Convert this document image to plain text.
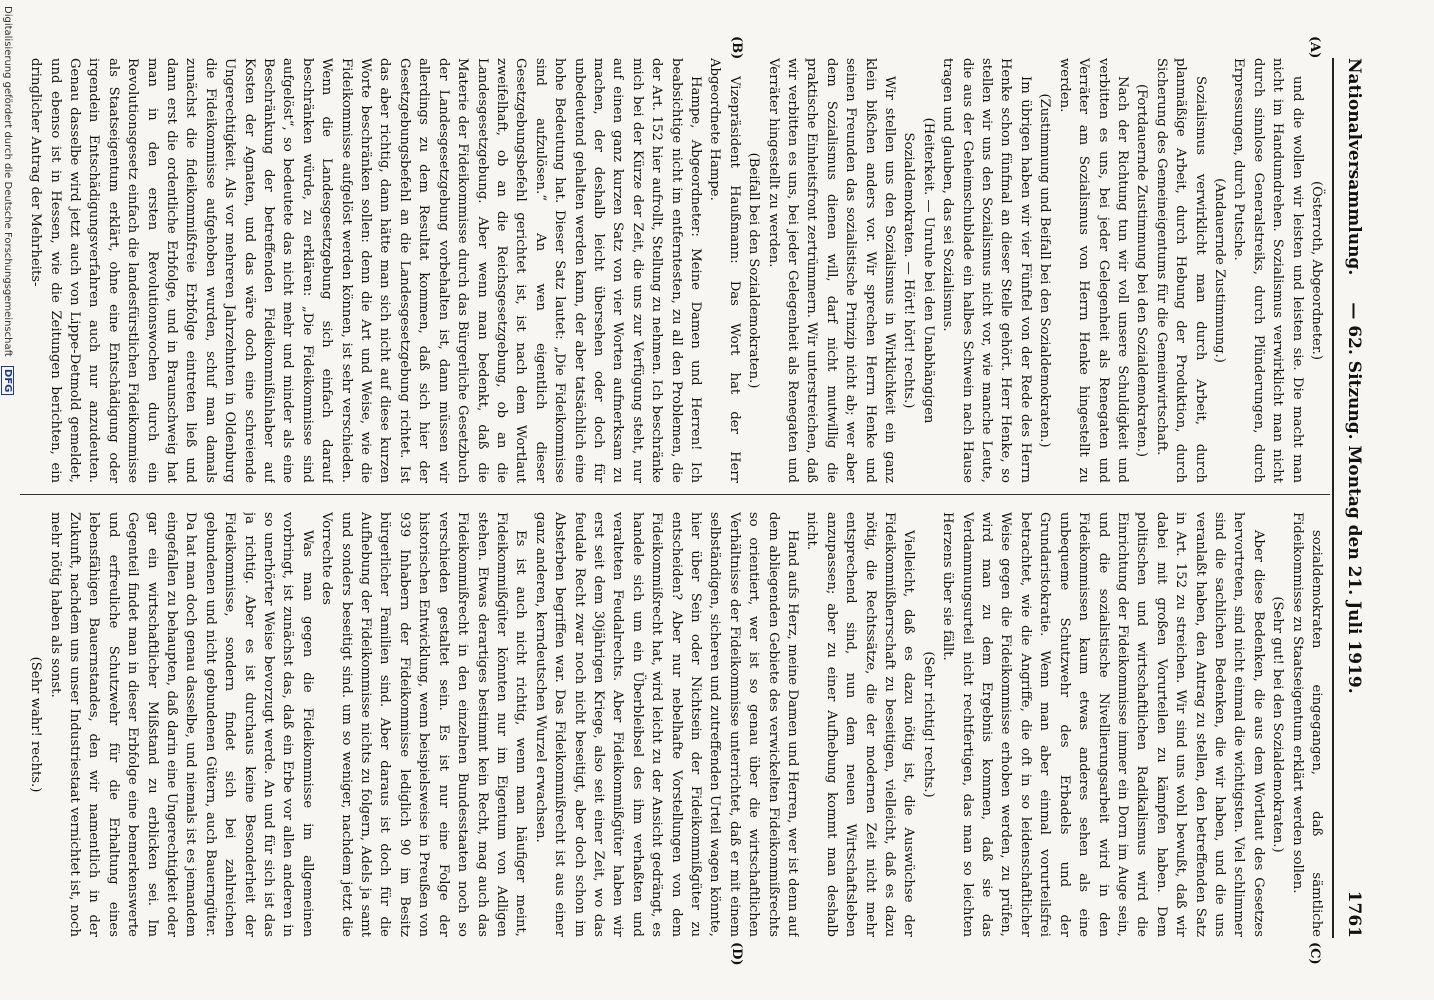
Nationalversammlung.
— 62. Sitzung. Montag den 21. Juli 1919.
1761
(A)
(B)
(C)
(D)

(Österroth, Abgeordneter.)

und die wollen wir leisten und leisten sie. Die macht man nicht im Handumdrehen. Sozialismus verwirklicht man nicht durch sinnlose Generalstreiks, durch Plünderungen, durch Erpressungen, durch Putsche.

(Andauernde Zustimmung.)

Sozialismus verwirklicht man durch Arbeit, durch planmäßige Arbeit, durch Hebung der Produktion, durch Sicherung des Gemeineigentums für die Gemeinwirtschaft.

(Fortdauernde Zustimmung bei den Sozialdemokraten.)

Nach der Richtung tun wir voll unsere Schuldigkeit und verbitten es uns, bei jeder Gelegenheit als Renegaten und Verräter am Sozialismus von Herrn Henke hingestellt zu werden.

(Zustimmung und Beifall bei den Sozialdemokraten.)

Im übrigen haben wir vier Fünftel von der Rede des Herrn Henke schon fünfmal an dieser Stelle gehört. Herr Henke, so stellen wir uns den Sozialismus nicht vor, wie manche Leute, die aus der Geheimschublade ein halbes Schwein nach Hause tragen und glauben, das sei Sozialismus.

(Heiterkeit. — Unruhe bei den Unabhängigen Sozialdemokraten. — Hört! hört! rechts.)

Wir stellen uns den Sozialismus in Wirklichkeit ein ganz klein bißchen anders vor. Wir sprechen Herrn Henke und seinen Freunden das sozialistische Prinzip nicht ab; wer aber dem Sozialismus dienen will, darf nicht mutwillig die praktische Einheitsfront zertrümmern. Wir unterstreichen, daß wir verbitten es uns, bei jeder Gelegenheit als Renegaten und Verräter hingestellt zu werden.

(Beifall bei den Sozialdemokraten.)

Vizepräsident Haußmann: Das Wort hat der Herr Abgeordnete Hampe.

Hampe, Abgeordneter: Meine Damen und Herren! Ich beabsichtige nicht im entferntesten, zu all den Problemen, die der Art. 152 hier aufrollt, Stellung zu nehmen. Ich beschränke mich bei der Kürze der Zeit, die uns zur Verfügung steht, nur auf einen ganz kurzen Satz von vier Worten aufmerksam zu machen, der deshalb leicht übersehen oder doch für unbedeutend gehalten werden kann, der aber tatsächlich eine hohe Bedeutung hat. Dieser Satz lautet: „Die Fideikommisse sind aufzulösen.“ An wen eigentlich dieser Gesetzgebungsbefehl gerichtet ist, ist nach dem Wortlaut zweifelhaft, ob an die Reichsgesetzgebung, ob an die Landesgesetzgebung. Aber wenn man bedenkt, daß die Materie der Fideikommisse durch das Bürgerliche Gesetzbuch der Landesgesetzgebung vorbehalten ist, dann müssen wir allerdings zu dem Resultat kommen, daß sich hier der Gesetzgebungsbefehl an die Landesgesetzgebung richtet. Ist das aber richtig, dann hätte man sich nicht auf diese kurzen Worte beschränken sollen: denn die Art und Weise, wie die Fideikommisse aufgelöst werden können, ist sehr verschieden. Wenn die Landesgesetzgebung sich einfach darauf beschränken würde, zu erklären: „Die Fideikommisse sind aufgelöst“, so bedeutete das nicht mehr und minder als eine Beschränkung der betreffenden Fideikommißinhaber auf Kosten der Agnaten, und das wäre doch eine schreiende Ungerechtigkeit. Als vor mehreren Jahrzehnten in Oldenburg die Fideikommisse aufgehoben wurden, schuf man damals zunächst die fideikommißfreie Erbfolge eintreten ließ und dann erst die ordentliche Erbfolge, und in Braunschweig hat man in den ersten Revolutionswochen durch ein Revolutionsgesetz einfach die landesfürstlichen Fideikommisse als Staatseigentum erklärt, ohne eine Entschädigung oder irgendein Entschädigungsverfahren auch nur anzudeuten. Genau dasselbe wird jetzt auch von Lippe-Detmold gemeldet, und ebenso ist in Hessen, wie die Zeitungen berichten, ein dringlicher Antrag der Mehrheits-

sozialdemokraten eingegangen, daß sämtliche Fideikommisse zu Staatseigentum erklärt werden sollen.

(Sehr gut! bei den Sozialdemokraten.)

Aber diese Bedenken, die aus dem Wortlaut des Gesetzes hervortreten, sind nicht einmal die wichtigsten. Viel schlimmer sind die sachlichen Bedenken, die wir haben, und die uns veranlaßt haben, den Antrag zu stellen, den betreffenden Satz in Art. 152 zu streichen. Wir sind uns wohl bewußt, daß wir dabei mit großen Vorurteilen zu kämpfen haben. Dem politischen und wirtschaftlichen Radikalismus wird die Einrichtung der Fideikommisse immer ein Dorn im Auge sein, und die sozialistische Nivellierungsarbeit wird in den Fideikommissen kaum etwas anderes sehen als eine unbequeme Schutzwehr des Erbadels und der Grundaristokratie. Wenn man aber einmal vorurteilsfrei betrachtet, wie die Angriffe, die oft in so leidenschaftlicher Weise gegen die Fideikommisse erhoben werden, zu prüfen, wird man zu dem Ergebnis kommen, daß sie das Verdammungsurteil nicht rechtfertigen, das man so leichten Herzens über sie fällt.

(Sehr richtig! rechts.)

Vielleicht, daß es dazu nötig ist, die Auswüchse der Fideikommißherrschaft zu beseitigen, vielleicht, daß es dazu nötig, die Rechtssätze, die der modernen Zeit nicht mehr entsprechend sind, nun dem neuen Wirtschaftsleben anzupassen; aber zu einer Aufhebung kommt man deshalb nicht.

Hand aufs Herz, meine Damen und Herren, wer ist denn auf dem abliegenden Gebiete des verwickelten Fideikommißrechts so orientiert, wer ist so genau über die wirtschaftlichen Verhältnisse der Fideikommisse unterrichtet, daß er mit einem selbständigen, sicheren und zutreffenden Urteil wagen könnte, hier über Sein oder Nichtsein der Fideikommißgüter zu entscheiden? Aber nur nebelhafte Vorstellungen von dem Fideikommißrecht hat, wird leicht zu der Ansicht gedrängt, es handele sich um ein Überbleibsel des ihm verhaßten und veralteten Feudalrechts. Aber Fideikommißgüter haben wir erst seit dem 30jährigen Kriege, also seit einer Zeit, wo das feudale Recht zwar noch nicht beseitigt, aber doch schon im Absterben begriffen war. Das Fideikommißrecht ist aus einer ganz anderen, kerndeutschen Wurzel erwachsen.

Es ist auch nicht richtig, wenn man häufiger meint, Fideikommißgüter könnten nur im Eigentum von Adligen stehen. Etwas derartiges bestimmt kein Recht, mag auch das Fideikommißrecht in den einzelnen Bundesstaaten noch so verschieden gestaltet sein. Es ist nur eine Folge der historischen Entwicklung, wenn beispielsweise in Preußen von 939 Inhabern der Fideikommisse lediglich 90 im Besitz bürgerlicher Familien sind. Aber daraus ist doch für die Aufhebung der Fideikommisse nichts zu folgern, Adels ja samt und sonders beseitigt sind. um so weniger, nachdem jetzt die Vorrechte des

Was man gegen die Fideikommisse im allgemeinen vorbringt, ist zunächst das, daß ein Erbe vor allen anderen in so unerhörter Weise bevorzugt werde. An und für sich ist das ja richtig. Aber es ist durchaus keine Besonderheit der Fideikommisse, sondern findet sich bei zahlreichen gebundenen und nicht gebundenen Gütern, auch Bauerngüter. Da hat man doch genau dasselbe, und niemals ist es jemandem eingefallen zu behaupten, daß darin eine Ungerechtigkeit oder gar ein wirtschaftlicher Mißstand zu erblicken sei. Im Gegenteil findet man in dieser Erbfolge eine bemerkenswerte und erfreuliche Schutzwehr für die Erhaltung eines lebensfähigen Bauernstandes, den wir namentlich in der Zukunft, nachdem uns unser Industriestaat vernichtet ist, noch mehr nötig haben als sonst.

(Sehr wahr! rechts.)

Digitalisierung gefördert durch die Deutsche Forschungsgemeinschaft DFG
